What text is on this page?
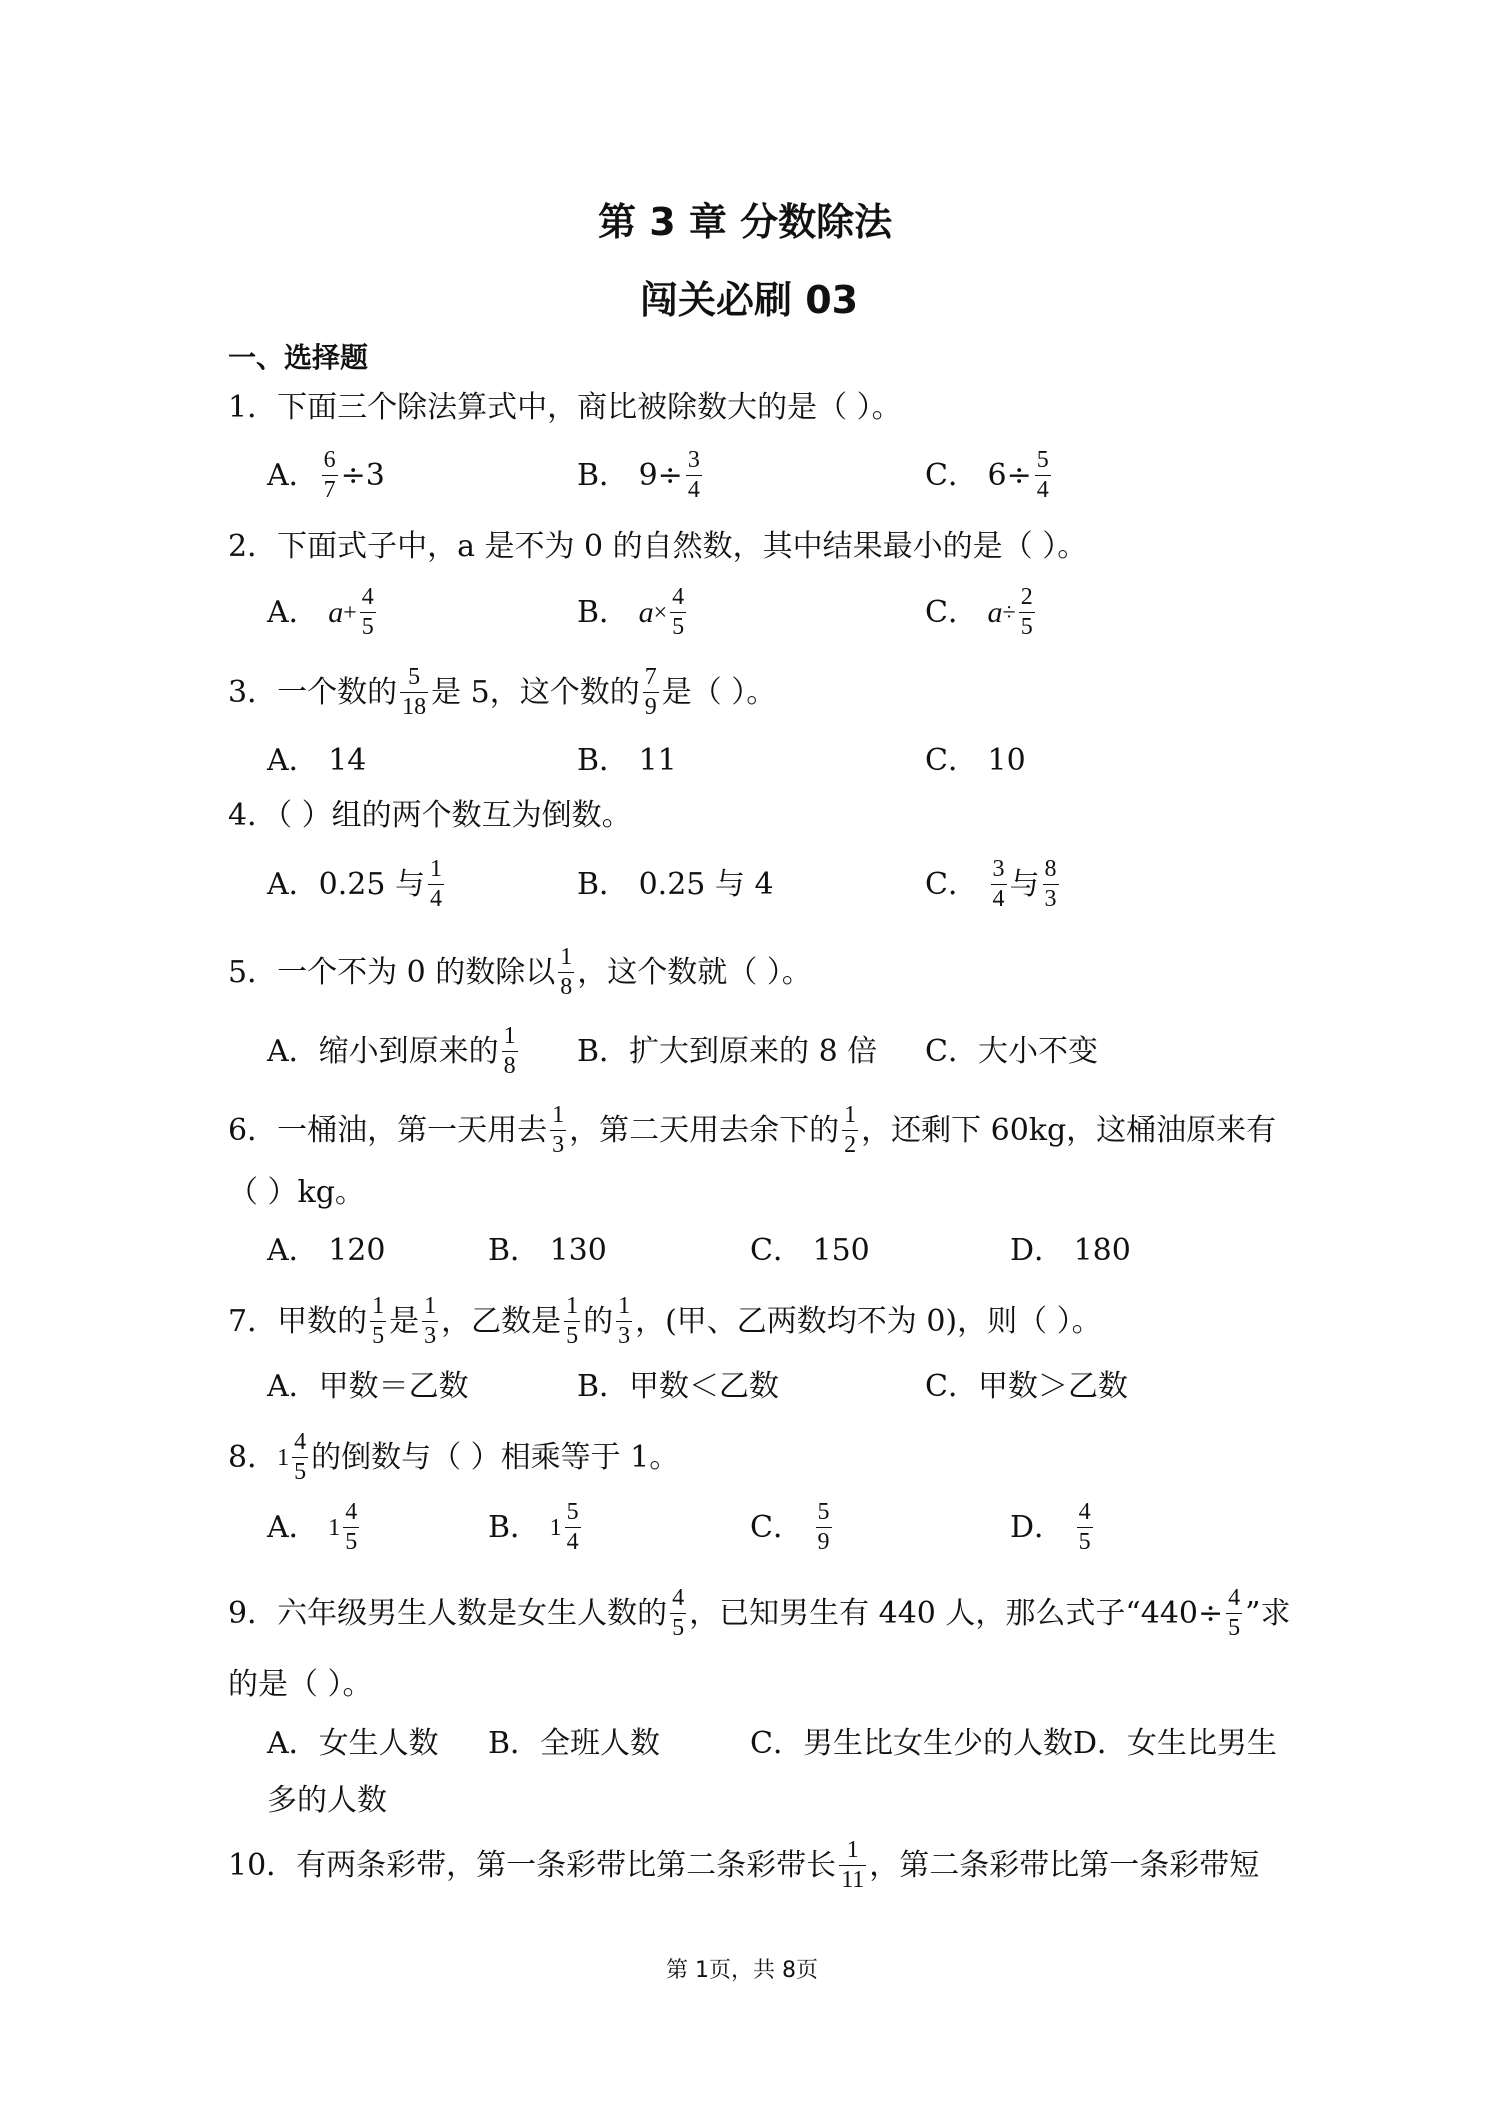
第 3 章 分数除法
闯关必刷 03
一、选择题
1．下面三个除法算式中，商比被除数大的是（ ）。
A． $\frac{6}{7} \div 3$	B．
$9\div \frac{3}{4}$	C．
$6\div \frac{5}{4}$
2．下面式子中，a 是不为 0 的自然数，其中结果最小的是（ ）。
A．
$a + \frac{4}{5}$	B．
$a \times \frac{4}{5}$	C．
$a \div \frac{2}{5}$
3．一个数的 $\frac{5}{18}$ 是 5，这个数的 $\frac{7}{9}$ 是（ ）。
A． 14	B． 11	C． 10
4．（ ）组的两个数互为倒数。
A．0.25 与 $\frac{1}{4}$	B． 0.25 与 4	C．
$\frac{3}{4}$ 与 $\frac{8}{3}$
5．一个不为 0 的数除以 $\frac{1}{8}$ ，这个数就（ ）。
A．缩小到原来的 $\frac{1}{8}$ B．扩大到原来的 8 倍 C．大小不变
6．一桶油，第一天用去 $\frac{1}{3}$ ，第二天用去余下的 $\frac{1}{2}$ ，还剩下 60kg，这桶油原来有
（ ）kg。
A． 120	B． 130	C． 150	D． 180
7．甲数的 $\frac{1}{5}$ 是 $\frac{1}{3}$ ，乙数是 $\frac{1}{5}$ 的 $\frac{1}{3}$ ，(甲、乙两数均不为 0)，则（ ）。
A．甲数＝乙数	B．甲数＜乙数	C．甲数＞乙数
8． $1 \frac{4}{5}$ 的倒数与（ ）相乘等于 1。
A．
$1 \frac{4}{5}$	B．
$1 \frac{5}{4}$	C．
$\frac{5}{9}$	D．
$\frac{4}{5}$
9．六年级男生人数是女生人数的 $\frac{4}{5}$ ，已知男生有 440 人，那么式子“$440\div \frac{4}{5}$ ”求
的是（ ）。
A．女生人数 B．全班人数	C．男生比女生少的人数D．女生比男生
多的人数
10．有两条彩带，第一条彩带比第二条彩带长 $\frac{1}{11}$ ，第二条彩带比第一条彩带短
第 1页，共 8页
